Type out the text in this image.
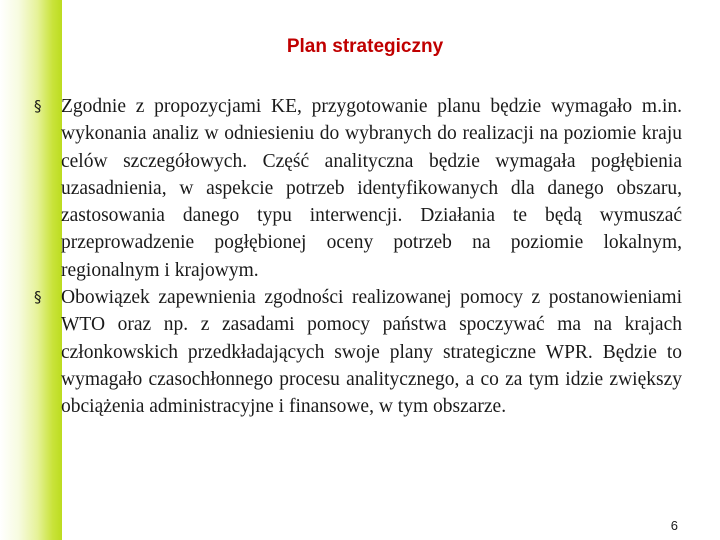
Plan strategiczny
§	Zgodnie z propozycjami KE, przygotowanie planu będzie wymagało m.in. wykonania analiz w odniesieniu do wybranych do realizacji na poziomie kraju celów szczegółowych. Część analityczna będzie wymagała pogłębienia uzasadnienia, w aspekcie potrzeb identyfikowanych dla danego obszaru, zastosowania danego typu interwencji. Działania te będą wymuszać przeprowadzenie pogłębionej oceny potrzeb na poziomie lokalnym, regionalnym i krajowym.
§	Obowiązek zapewnienia zgodności realizowanej pomocy z postanowieniami WTO oraz np. z zasadami pomocy państwa spoczywać ma na krajach członkowskich przedkładających swoje plany strategiczne WPR. Będzie to wymagało czasochłonnego procesu analitycznego, a co za tym idzie zwiększy obciążenia administracyjne i finansowe, w tym obszarze.
6
